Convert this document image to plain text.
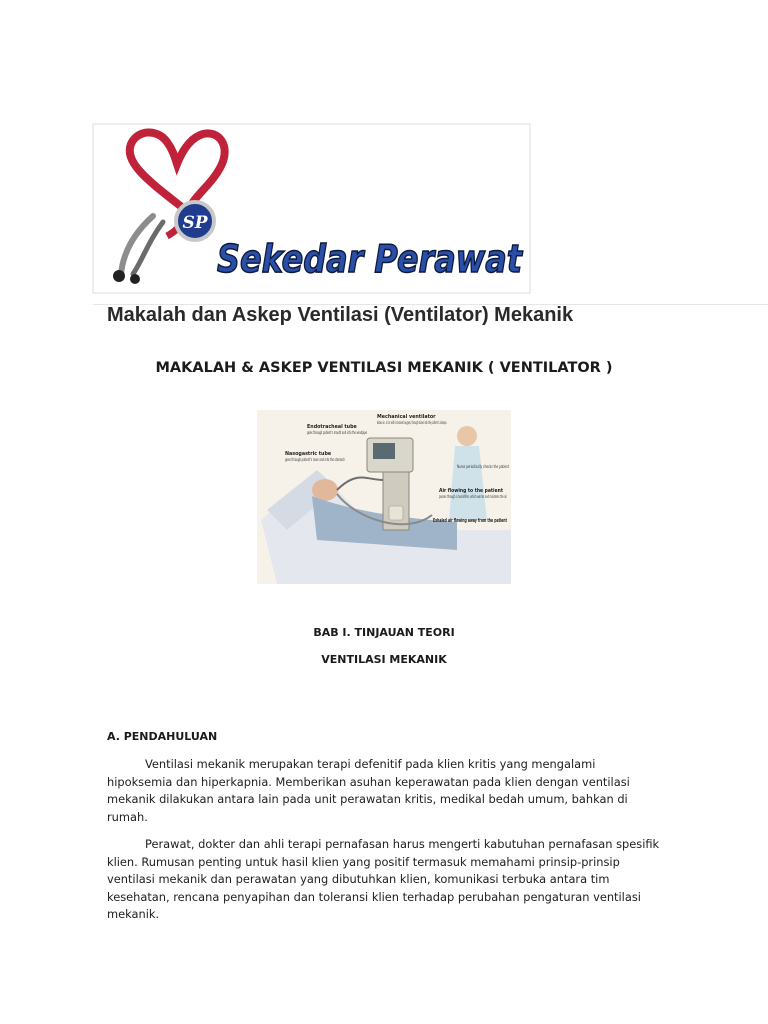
SP
Sekedar Perawat
Makalah dan Askep Ventilasi (Ventilator) Mekanik
MAKALAH & ASKEP VENTILASI MEKANIK ( VENTILATOR )
Mechanical ventilator
Endotracheal tube
goes through patient's mouth and into the windpipe
Nasogastric tube
goes through patient's nose and into the stomach
Nurse periodically checks the patient
Air flowing to the patient
passes through a humidifier, which warms and moistens the air
Exhaled air flowing away from the patient
BAB I. TINJAUAN TEORI
VENTILASI MEKANIK
A. PENDAHULUAN

Ventilasi mekanik merupakan terapi defenitif pada klien kritis yang mengalami hipoksemia dan hiperkapnia. Memberikan asuhan keperawatan pada klien dengan ventilasi mekanik dilakukan antara lain pada unit perawatan kritis, medikal bedah umum, bahkan di rumah.

Perawat, dokter dan ahli terapi pernafasan harus mengerti kabutuhan pernafasan spesifik klien. Rumusan penting untuk hasil klien yang positif termasuk memahami prinsip-prinsip ventilasi mekanik dan perawatan yang dibutuhkan klien, komunikasi terbuka antara tim kesehatan, rencana penyapihan dan toleransi klien terhadap perubahan pengaturan ventilasi mekanik.
